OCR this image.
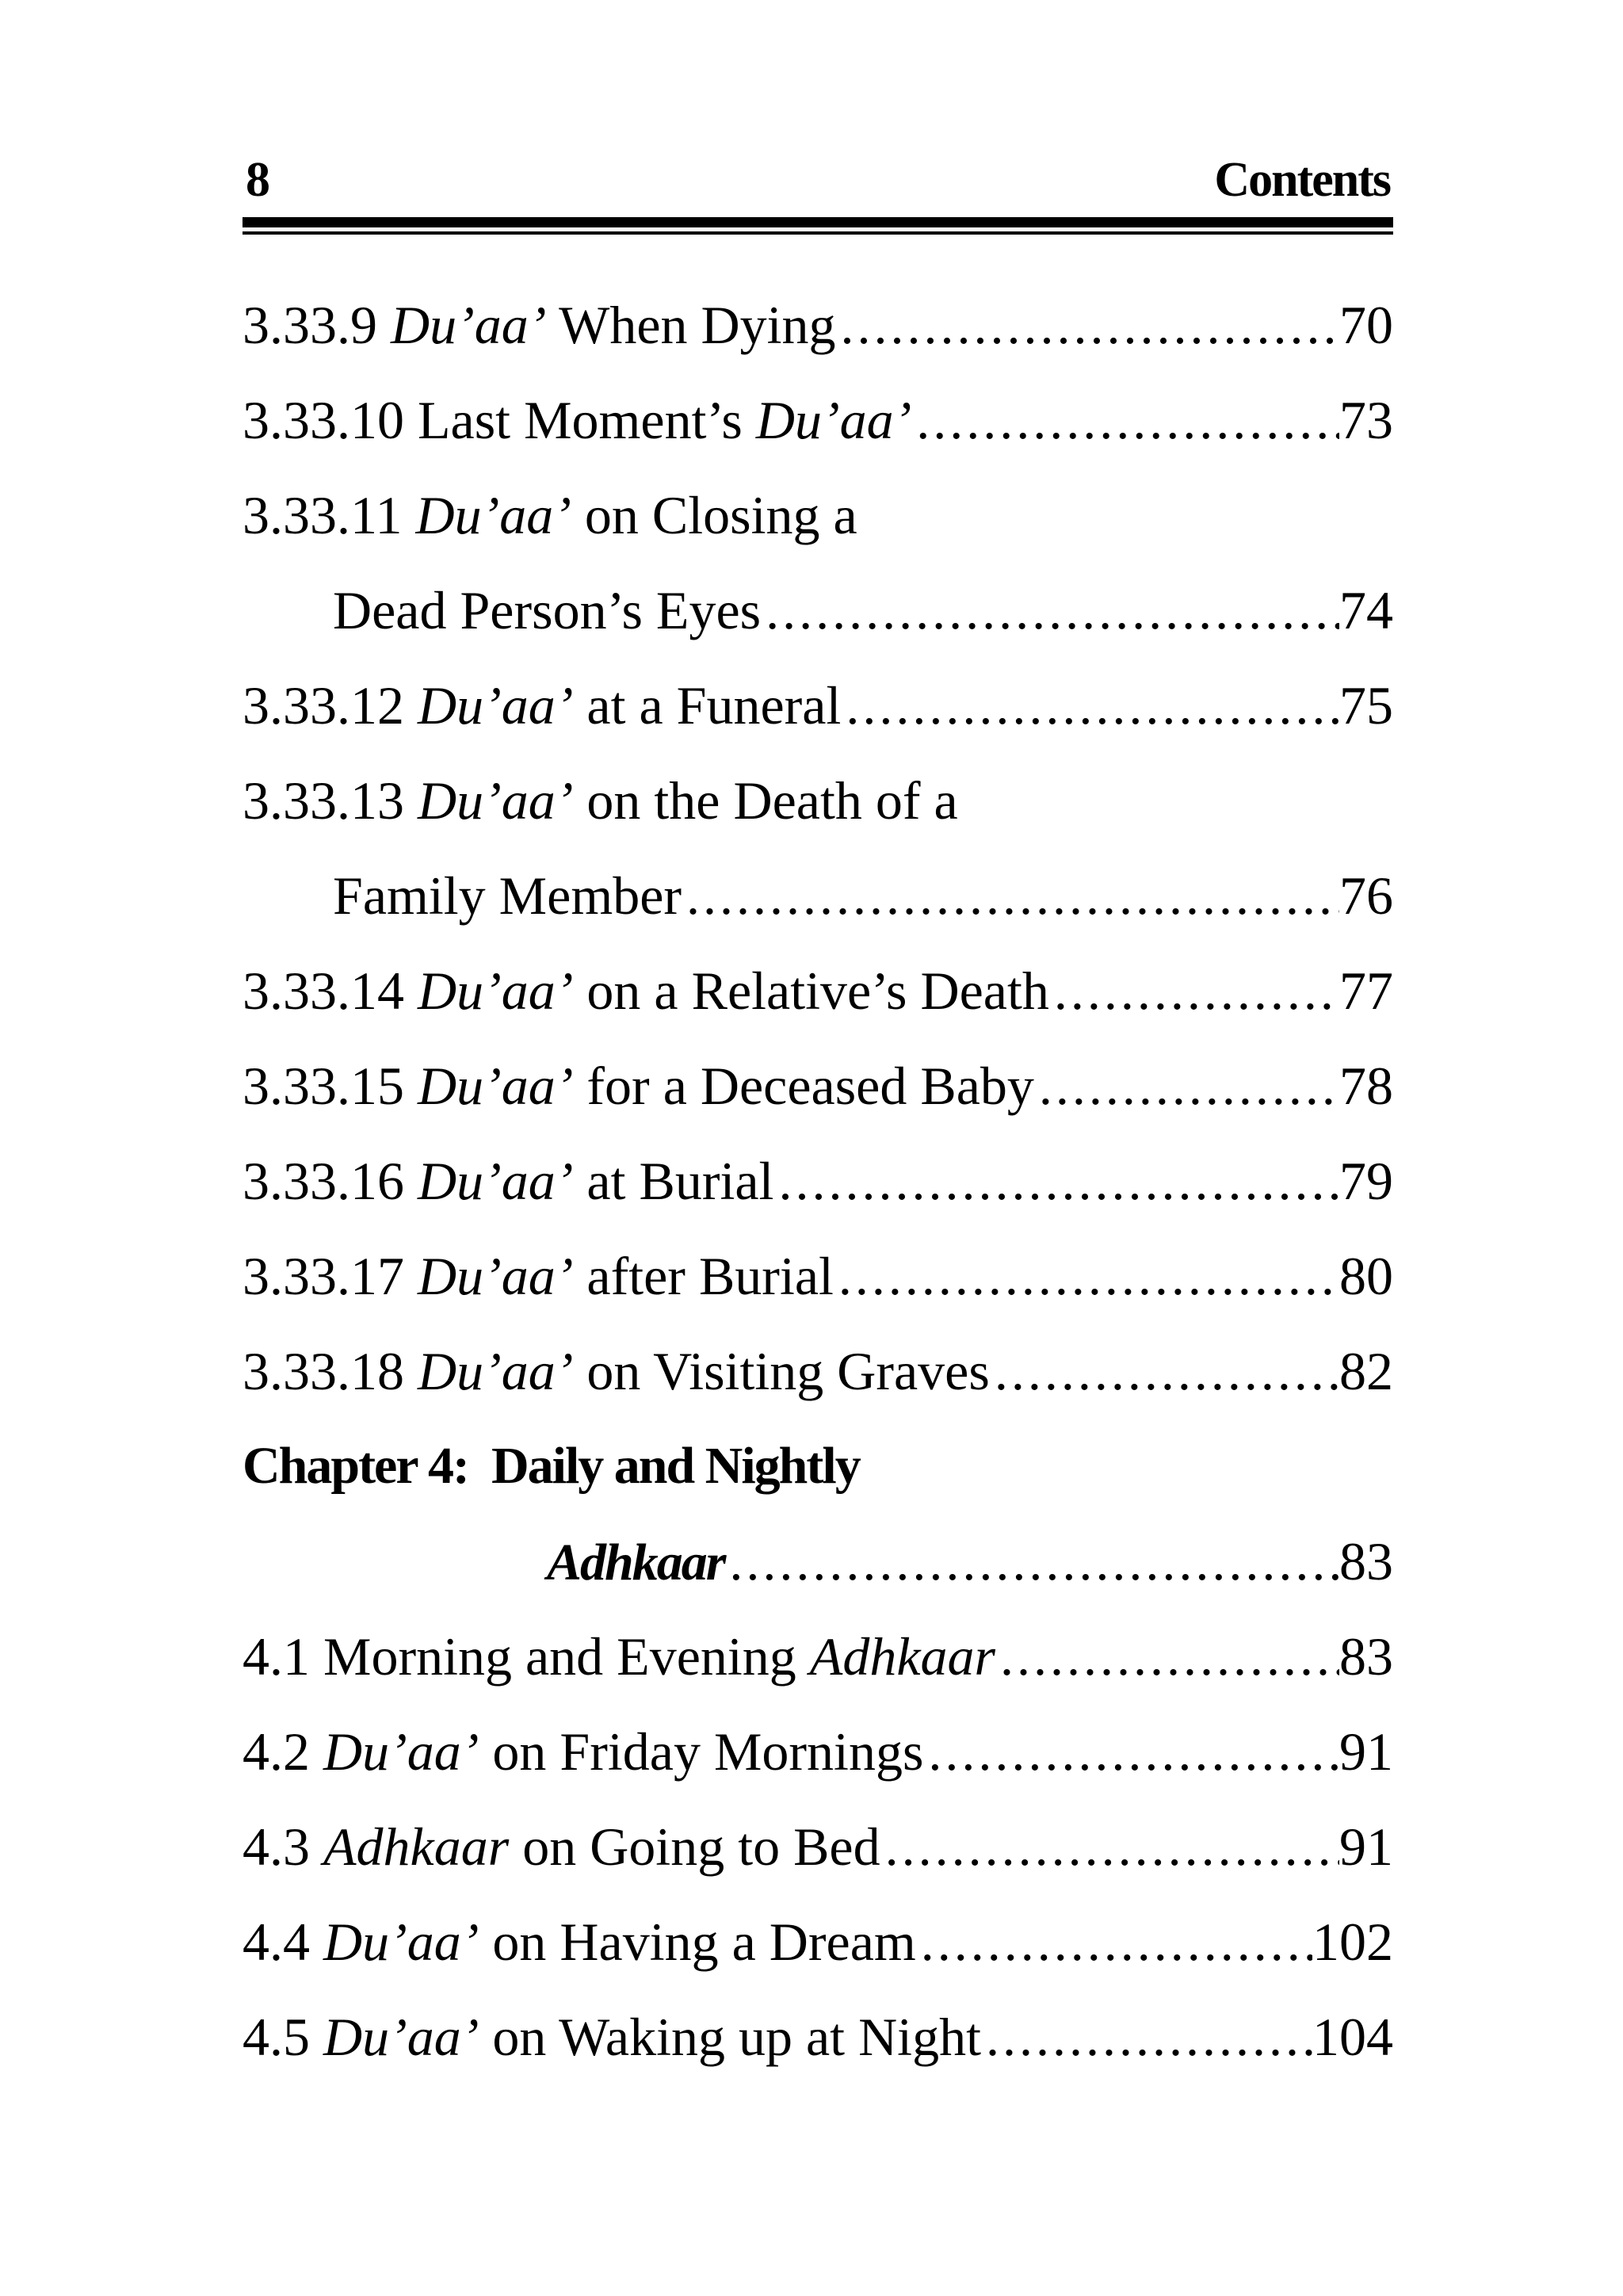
8	Contents
3.33.9 Du’aa’ When Dying .....	70
3.33.10 Last Moment’s Du’aa’ .....	73
3.33.11 Du’aa’ on Closing a
Dead Person’s Eyes .....	74
3.33.12 Du’aa’ at a Funeral .....	75
3.33.13 Du’aa’ on the Death of a
Family Member .....	76
3.33.14 Du’aa’ on a Relative’s Death .....	77
3.33.15 Du’aa’ for a Deceased Baby .....	78
3.33.16 Du’aa’ at Burial .....	79
3.33.17 Du’aa’ after Burial .....	80
3.33.18 Du’aa’ on Visiting Graves .....	82
Chapter 4: Daily and Nightly
Adhkaar .....	83
4.1 Morning and Evening Adhkaar .....	83
4.2 Du’aa’ on Friday Mornings .....	91
4.3 Adhkaar on Going to Bed .....	91
4.4 Du’aa’ on Having a Dream .....	102
4.5 Du’aa’ on Waking up at Night .....	104
